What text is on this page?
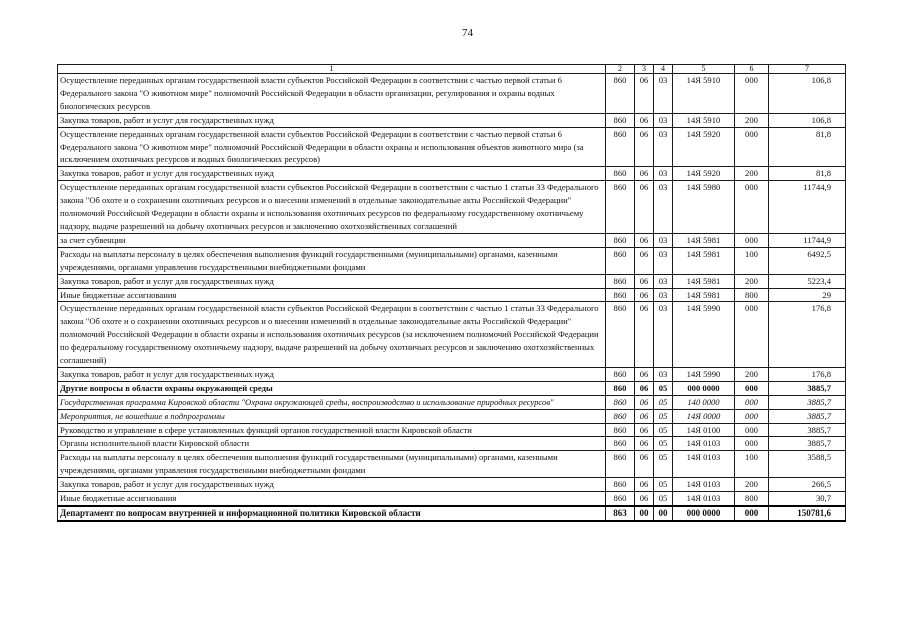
74
1	2	3	4	5	6	7
Осуществление переданных органам государственной власти субъектов Российской Федерации в соответствии с частью первой статьи 6 Федерального закона "О животном мире" полномочий Российской Федерации в области организации, регулирования и охраны водных биологических ресурсов	860	06	03	14Я 5910	000	106,8
Закупка товаров, работ и услуг для государственных нужд	860	06	03	14Я 5910	200	106,8
Осуществление переданных органам государственной власти субъектов Российской Федерации в соответствии с частью первой статьи 6 Федерального закона "О животном мире" полномочий Российской Федерации в области охраны и использования объектов животного мира (за исключением охотничьих ресурсов и водных биологических ресурсов)	860	06	03	14Я 5920	000	81,8
Закупка товаров, работ и услуг для государственных нужд	860	06	03	14Я 5920	200	81,8
Осуществление переданных органам государственной власти субъектов Российской Федерации в соответствии с частью 1 статьи 33 Федерального закона "Об охоте и о сохранении охотничьих ресурсов и о внесении изменений в отдельные законодательные акты Российской Федерации" полномочий Российской Федерации в области охраны и использования охотничьих ресурсов по федеральному государственному охотничьему надзору, выдаче разрешений на добычу охотничьих ресурсов и заключению охотхозяйственных соглашений	860	06	03	14Я 5980	000	11744,9
за счет субвенции	860	06	03	14Я 5981	000	11744,9
Расходы на выплаты персоналу в целях обеспечения выполнения функций государственными (муниципальными) органами, казенными учреждениями, органами управления государственными внебюджетными фондами	860	06	03	14Я 5981	100	6492,5
Закупка товаров, работ и услуг для государственных нужд	860	06	03	14Я 5981	200	5223,4
Иные бюджетные ассигнования	860	06	03	14Я 5981	800	29
Осуществление переданных органам государственной власти субъектов Российской Федерации в соответствии с частью 1 статьи 33 Федерального закона "Об охоте и о сохранении охотничьих ресурсов и о внесении изменений в отдельные законодательные акты Российской Федерации" полномочий Российской Федерации в области охраны и использования охотничьих ресурсов (за исключением полномочий Российской Федерации по федеральному государственному охотничьему надзору, выдаче разрешений на добычу охотничьих ресурсов и заключению охотхозяйственных соглашений)	860	06	03	14Я 5990	000	176,8
Закупка товаров, работ и услуг для государственных нужд	860	06	03	14Я 5990	200	176,8
Другие вопросы в области охраны окружающей среды	860	06	05	000 0000	000	3885,7
Государственная программа Кировской области "Охрана окружающей среды, воспроизводство и использование природных ресурсов"	860	06	05	140 0000	000	3885,7
Мероприятия, не вошедшие в подпрограммы	860	06	05	14Я 0000	000	3885,7
Руководство и управление в сфере установленных функций органов государственной власти Кировской области	860	06	05	14Я 0100	000	3885,7
Органы исполнительной власти Кировской области	860	06	05	14Я 0103	000	3885,7
Расходы на выплаты персоналу в целях обеспечения выполнения функций государственными (муниципальными) органами, казенными учреждениями, органами управления государственными внебюджетными фондами	860	06	05	14Я 0103	100	3588,5
Закупка товаров, работ и услуг для государственных нужд	860	06	05	14Я 0103	200	266,5
Иные бюджетные ассигнования	860	06	05	14Я 0103	800	30,7
Департамент по вопросам внутренней и информационной политики Кировской области	863	00	00	000 0000	000	150781,6
